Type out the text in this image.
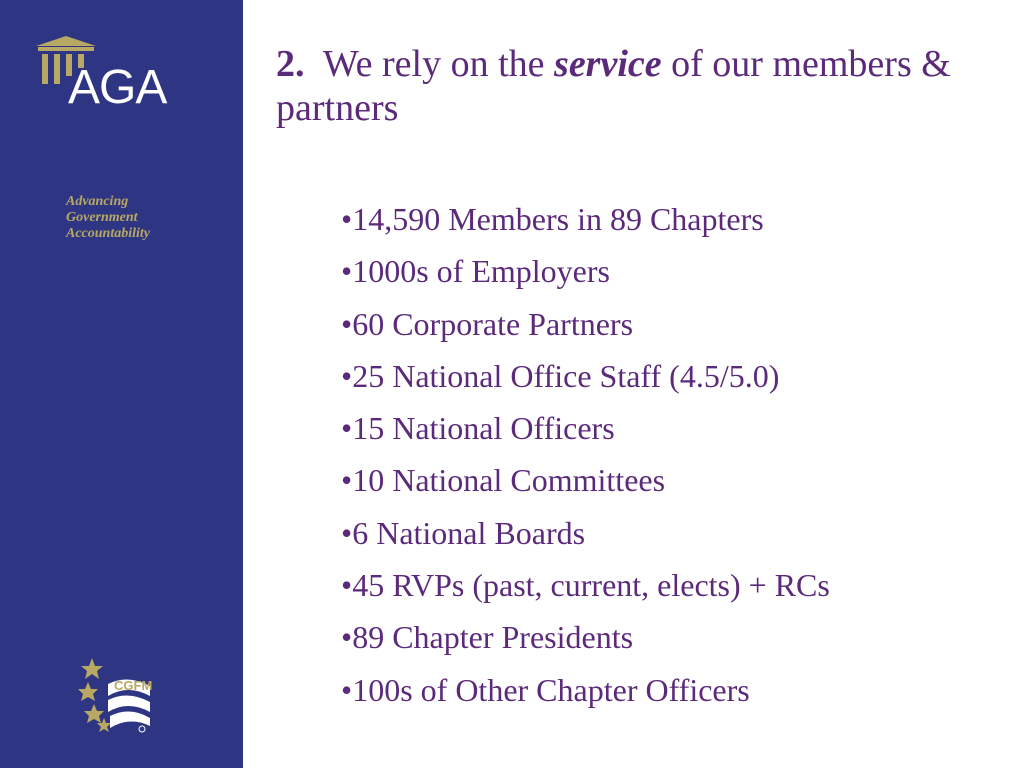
AGA
Advancing
Government
Accountability
CGFM
2. We rely on the service of our members & partners
•14,590 Members in 89 Chapters
•1000s of Employers
•60 Corporate Partners
•25 National Office Staff (4.5/5.0)
•15 National Officers
•10 National Committees
•6 National Boards
•45 RVPs (past, current, elects) + RCs
•89 Chapter Presidents
•100s of Other Chapter Officers
